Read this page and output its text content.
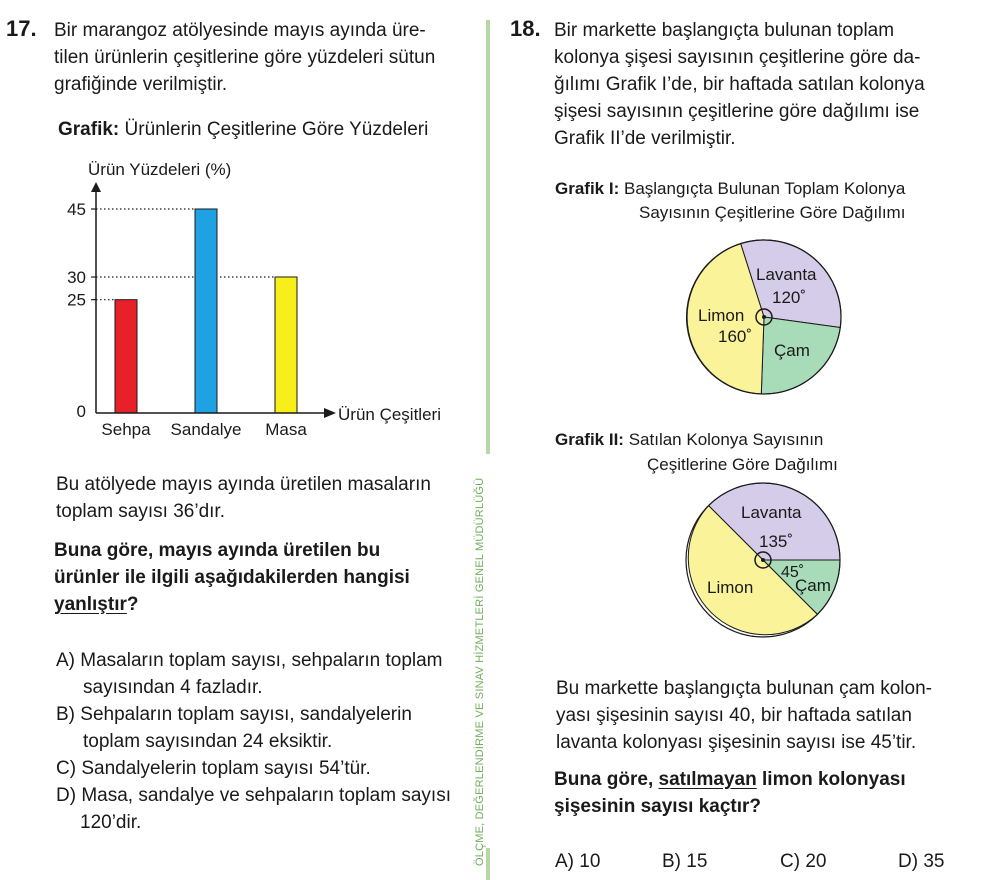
17. Bir marangoz atölyesinde mayıs ayında üre-
tilen ürünlerin çeşitlerine göre yüzdeleri sütun
grafiğinde verilmiştir.
Grafik: Ürünlerin Çeşitlerine Göre Yüzdeleri
Ürün Yüzdeleri (%)
Sehpa Sandalye Masa
0
25
30
45
Ürün Çeşitleri
Bu atölyede mayıs ayında üretilen masaların
toplam sayısı 36’dır.
Buna göre, mayıs ayında üretilen bu
ürünler ile ilgili aşağıdakilerden hangisi
yanlıştır?
A) Masaların toplam sayısı, sehpaların toplam
sayısından 4 fazladır.
B) Sehpaların toplam sayısı, sandalyelerin
toplam sayısından 24 eksiktir.
C) Sandalyelerin toplam sayısı 54’tür.
D) Masa, sandalye ve sehpaların toplam sayısı
120’dir.	ÖLÇME, DEĞERLENDİRME VE SINAV HİZMETLERİ GENEL MÜDÜRLÜĞÜ
18. Bir markette başlangıçta bulunan toplam
kolonya şişesi sayısının çeşitlerine göre da-
ğılımı Grafik I’de, bir haftada satılan kolonya
şişesi sayısının çeşitlerine göre dağılımı ise
Grafik II’de verilmiştir.
Grafik I: Başlangıçta Bulunan Toplam Kolonya
Sayısının Çeşitlerine Göre Dağılımı
Lavanta
120˚
Çam
Limon
160˚
Grafik II: Satılan Kolonya Sayısının
Çeşitlerine Göre Dağılımı
Lavanta
135˚
45˚
Çam
Limon
Bu markette başlangıçta bulunan çam kolon-
yası şişesinin sayısı 40, bir haftada satılan
lavanta kolonyası şişesinin sayısı ise 45’tir.
Buna göre, satılmayan limon kolonyası
şişesinin sayısı kaçtır?
A) 10	B) 15	C) 20	D) 35
